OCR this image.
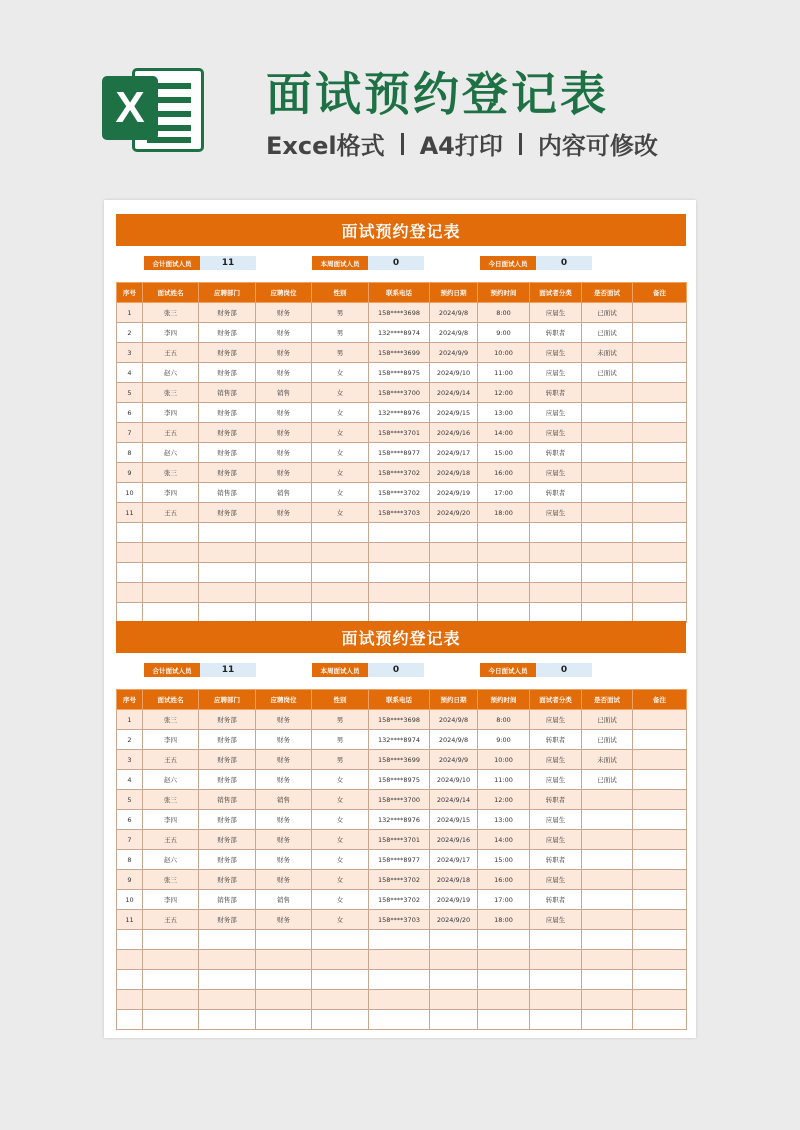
X	面试预约登记表
Excel格式 A4打印 内容可修改
面试预约登记表
合计面试人员	11	本周面试人员	0	今日面试人员	0
序号	面试姓名	应聘部门	应聘岗位	性别	联系电话	预约日期	预约时间	面试者分类	是否面试	备注
1	张三	财务部	财务	男	158****3698	2024/9/8	8:00	应届生	已面试	
2	李四	财务部	财务	男	132****8974	2024/9/8	9:00	转职者	已面试	
3	王五	财务部	财务	男	158****3699	2024/9/9	10:00	应届生	未面试	
4	赵六	财务部	财务	女	158****8975	2024/9/10	11:00	应届生	已面试	
5	张三	销售部	销售	女	158****3700	2024/9/14	12:00	转职者		
6	李四	财务部	财务	女	132****8976	2024/9/15	13:00	应届生		
7	王五	财务部	财务	女	158****3701	2024/9/16	14:00	应届生		
8	赵六	财务部	财务	女	158****8977	2024/9/17	15:00	转职者		
9	张三	财务部	财务	女	158****3702	2024/9/18	16:00	应届生		
10	李四	销售部	销售	女	158****3702	2024/9/19	17:00	转职者		
11	王五	财务部	财务	女	158****3703	2024/9/20	18:00	应届生		

面试预约登记表
合计面试人员	11	本周面试人员	0	今日面试人员	0
序号	面试姓名	应聘部门	应聘岗位	性别	联系电话	预约日期	预约时间	面试者分类	是否面试	备注
1	张三	财务部	财务	男	158****3698	2024/9/8	8:00	应届生	已面试	
2	李四	财务部	财务	男	132****8974	2024/9/8	9:00	转职者	已面试	
3	王五	财务部	财务	男	158****3699	2024/9/9	10:00	应届生	未面试	
4	赵六	财务部	财务	女	158****8975	2024/9/10	11:00	应届生	已面试	
5	张三	销售部	销售	女	158****3700	2024/9/14	12:00	转职者		
6	李四	财务部	财务	女	132****8976	2024/9/15	13:00	应届生		
7	王五	财务部	财务	女	158****3701	2024/9/16	14:00	应届生		
8	赵六	财务部	财务	女	158****8977	2024/9/17	15:00	转职者		
9	张三	财务部	财务	女	158****3702	2024/9/18	16:00	应届生		
10	李四	销售部	销售	女	158****3702	2024/9/19	17:00	转职者		
11	王五	财务部	财务	女	158****3703	2024/9/20	18:00	应届生		
